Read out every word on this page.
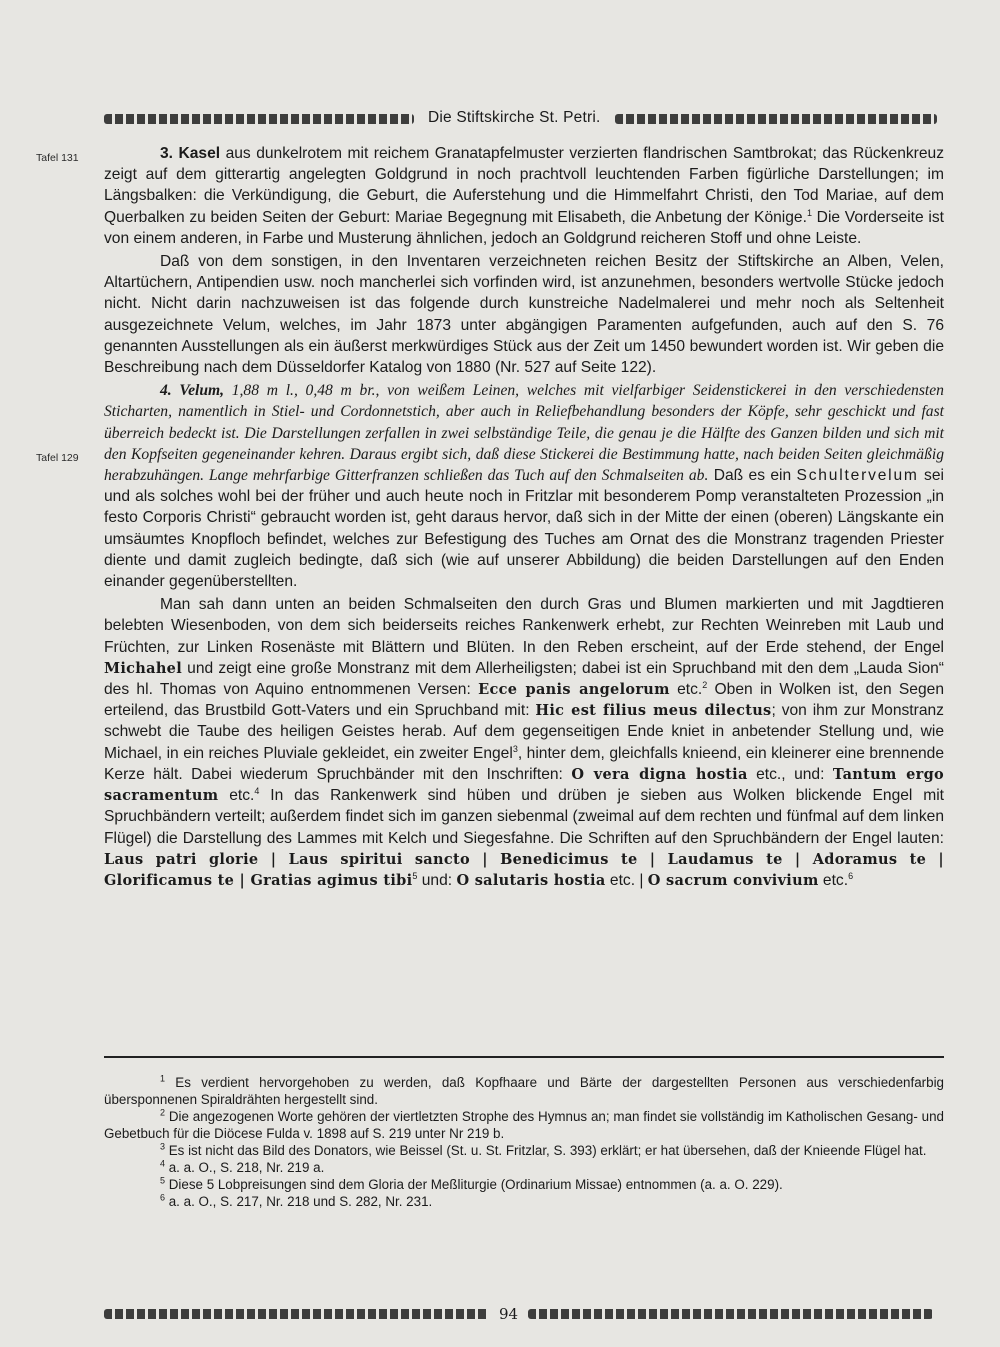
Die Stiftskirche St. Petri.
Tafel 131
Tafel 129

3. Kasel aus dunkelrotem mit reichem Granatapfelmuster verzierten flandrischen Samtbrokat; das Rückenkreuz zeigt auf dem gitterartig angelegten Goldgrund in noch prachtvoll leuchtenden Farben figürliche Darstellungen; im Längsbalken: die Verkündigung, die Geburt, die Auferstehung und die Himmelfahrt Christi, den Tod Mariae, auf dem Querbalken zu beiden Seiten der Geburt: Mariae Begegnung mit Elisabeth, die Anbetung der Könige.$^1$ Die Vorderseite ist von einem anderen, in Farbe und Musterung ähnlichen, jedoch an Goldgrund reicheren Stoff und ohne Leiste.

Daß von dem sonstigen, in den Inventaren verzeichneten reichen Besitz der Stiftskirche an Alben, Velen, Altartüchern, Antipendien usw. noch mancherlei sich vorfinden wird, ist anzunehmen, besonders wertvolle Stücke jedoch nicht. Nicht darin nachzuweisen ist das folgende durch kunstreiche Nadelmalerei und mehr noch als Seltenheit ausgezeichnete Velum, welches, im Jahr 1873 unter abgängigen Paramenten aufgefunden, auch auf den S. 76 genannten Ausstellungen als ein äußerst merkwürdiges Stück aus der Zeit um 1450 bewundert worden ist. Wir geben die Beschreibung nach dem Düsseldorfer Katalog von 1880 (Nr. 527 auf Seite 122).

4. Velum, 1,88 m l., 0,48 m br., von weißem Leinen, welches mit vielfarbiger Seidenstickerei in den verschiedensten Sticharten, namentlich in Stiel- und Cordonnetstich, aber auch in Reliefbehandlung besonders der Köpfe, sehr geschickt und fast überreich bedeckt ist. Die Darstellungen zerfallen in zwei selbständige Teile, die genau je die Hälfte des Ganzen bilden und sich mit den Kopfseiten gegeneinander kehren. Daraus ergibt sich, daß diese Stickerei die Bestimmung hatte, nach beiden Seiten gleichmäßig herabzuhängen. Lange mehrfarbige Gitterfranzen schließen das Tuch auf den Schmalseiten ab. Daß es ein Schultervelum sei und als solches wohl bei der früher und auch heute noch in Fritzlar mit besonderem Pomp veranstalteten Prozession „in festo Corporis Christi“ gebraucht worden ist, geht daraus hervor, daß sich in der Mitte der einen (oberen) Längskante ein umsäumtes Knopfloch befindet, welches zur Befestigung des Tuches am Ornat des die Monstranz tragenden Priester diente und damit zugleich bedingte, daß sich (wie auf unserer Abbildung) die beiden Darstellungen auf den Enden einander gegenüberstellten.

Man sah dann unten an beiden Schmalseiten den durch Gras und Blumen markierten und mit Jagdtieren belebten Wiesenboden, von dem sich beiderseits reiches Rankenwerk erhebt, zur Rechten Weinreben mit Laub und Früchten, zur Linken Rosenäste mit Blättern und Blüten. In den Reben erscheint, auf der Erde stehend, der Engel Michahel und zeigt eine große Monstranz mit dem Allerheiligsten; dabei ist ein Spruchband mit den dem „Lauda Sion“ des hl. Thomas von Aquino entnommenen Versen: Ecce panis angelorum etc.$^2$ Oben in Wolken ist, den Segen erteilend, das Brustbild Gott-Vaters und ein Spruchband mit: Hic est filius meus dilectus; von ihm zur Monstranz schwebt die Taube des heiligen Geistes herab. Auf dem gegenseitigen Ende kniet in anbetender Stellung und, wie Michael, in ein reiches Pluviale gekleidet, ein zweiter Engel$^3$, hinter dem, gleichfalls knieend, ein kleinerer eine brennende Kerze hält. Dabei wiederum Spruchbänder mit den Inschriften: O vera digna hostia etc., und: Tantum ergo sacramentum etc.$^4$ In das Rankenwerk sind hüben und drüben je sieben aus Wolken blickende Engel mit Spruchbändern verteilt; außerdem findet sich im ganzen siebenmal (zweimal auf dem rechten und fünfmal auf dem linken Flügel) die Darstellung des Lammes mit Kelch und Siegesfahne. Die Schriften auf den Spruchbändern der Engel lauten: Laus patri glorie | Laus spiritui sancto | Benedicimus te | Laudamus te | Adoramus te | Glorificamus te | Gratias agimus tibi$^5$ und: O salutaris hostia etc. | O sacrum convivium etc.$^6$

$^1$ Es verdient hervorgehoben zu werden, daß Kopfhaare und Bärte der dargestellten Personen aus verschiedenfarbig übersponnenen Spiraldrähten hergestellt sind.

$^2$ Die angezogenen Worte gehören der viertletzten Strophe des Hymnus an; man findet sie vollständig im Katholischen Gesang- und Gebetbuch für die Diöcese Fulda v. 1898 auf S. 219 unter Nr 219 b.

$^3$ Es ist nicht das Bild des Donators, wie Beissel (St. u. St. Fritzlar, S. 393) erklärt; er hat übersehen, daß der Knieende Flügel hat.

$^4$ a. a. O., S. 218, Nr. 219 a.

$^5$ Diese 5 Lobpreisungen sind dem Gloria der Meßliturgie (Ordinarium Missae) entnommen (a. a. O. 229).

$^6$ a. a. O., S. 217, Nr. 218 und S. 282, Nr. 231.

94
